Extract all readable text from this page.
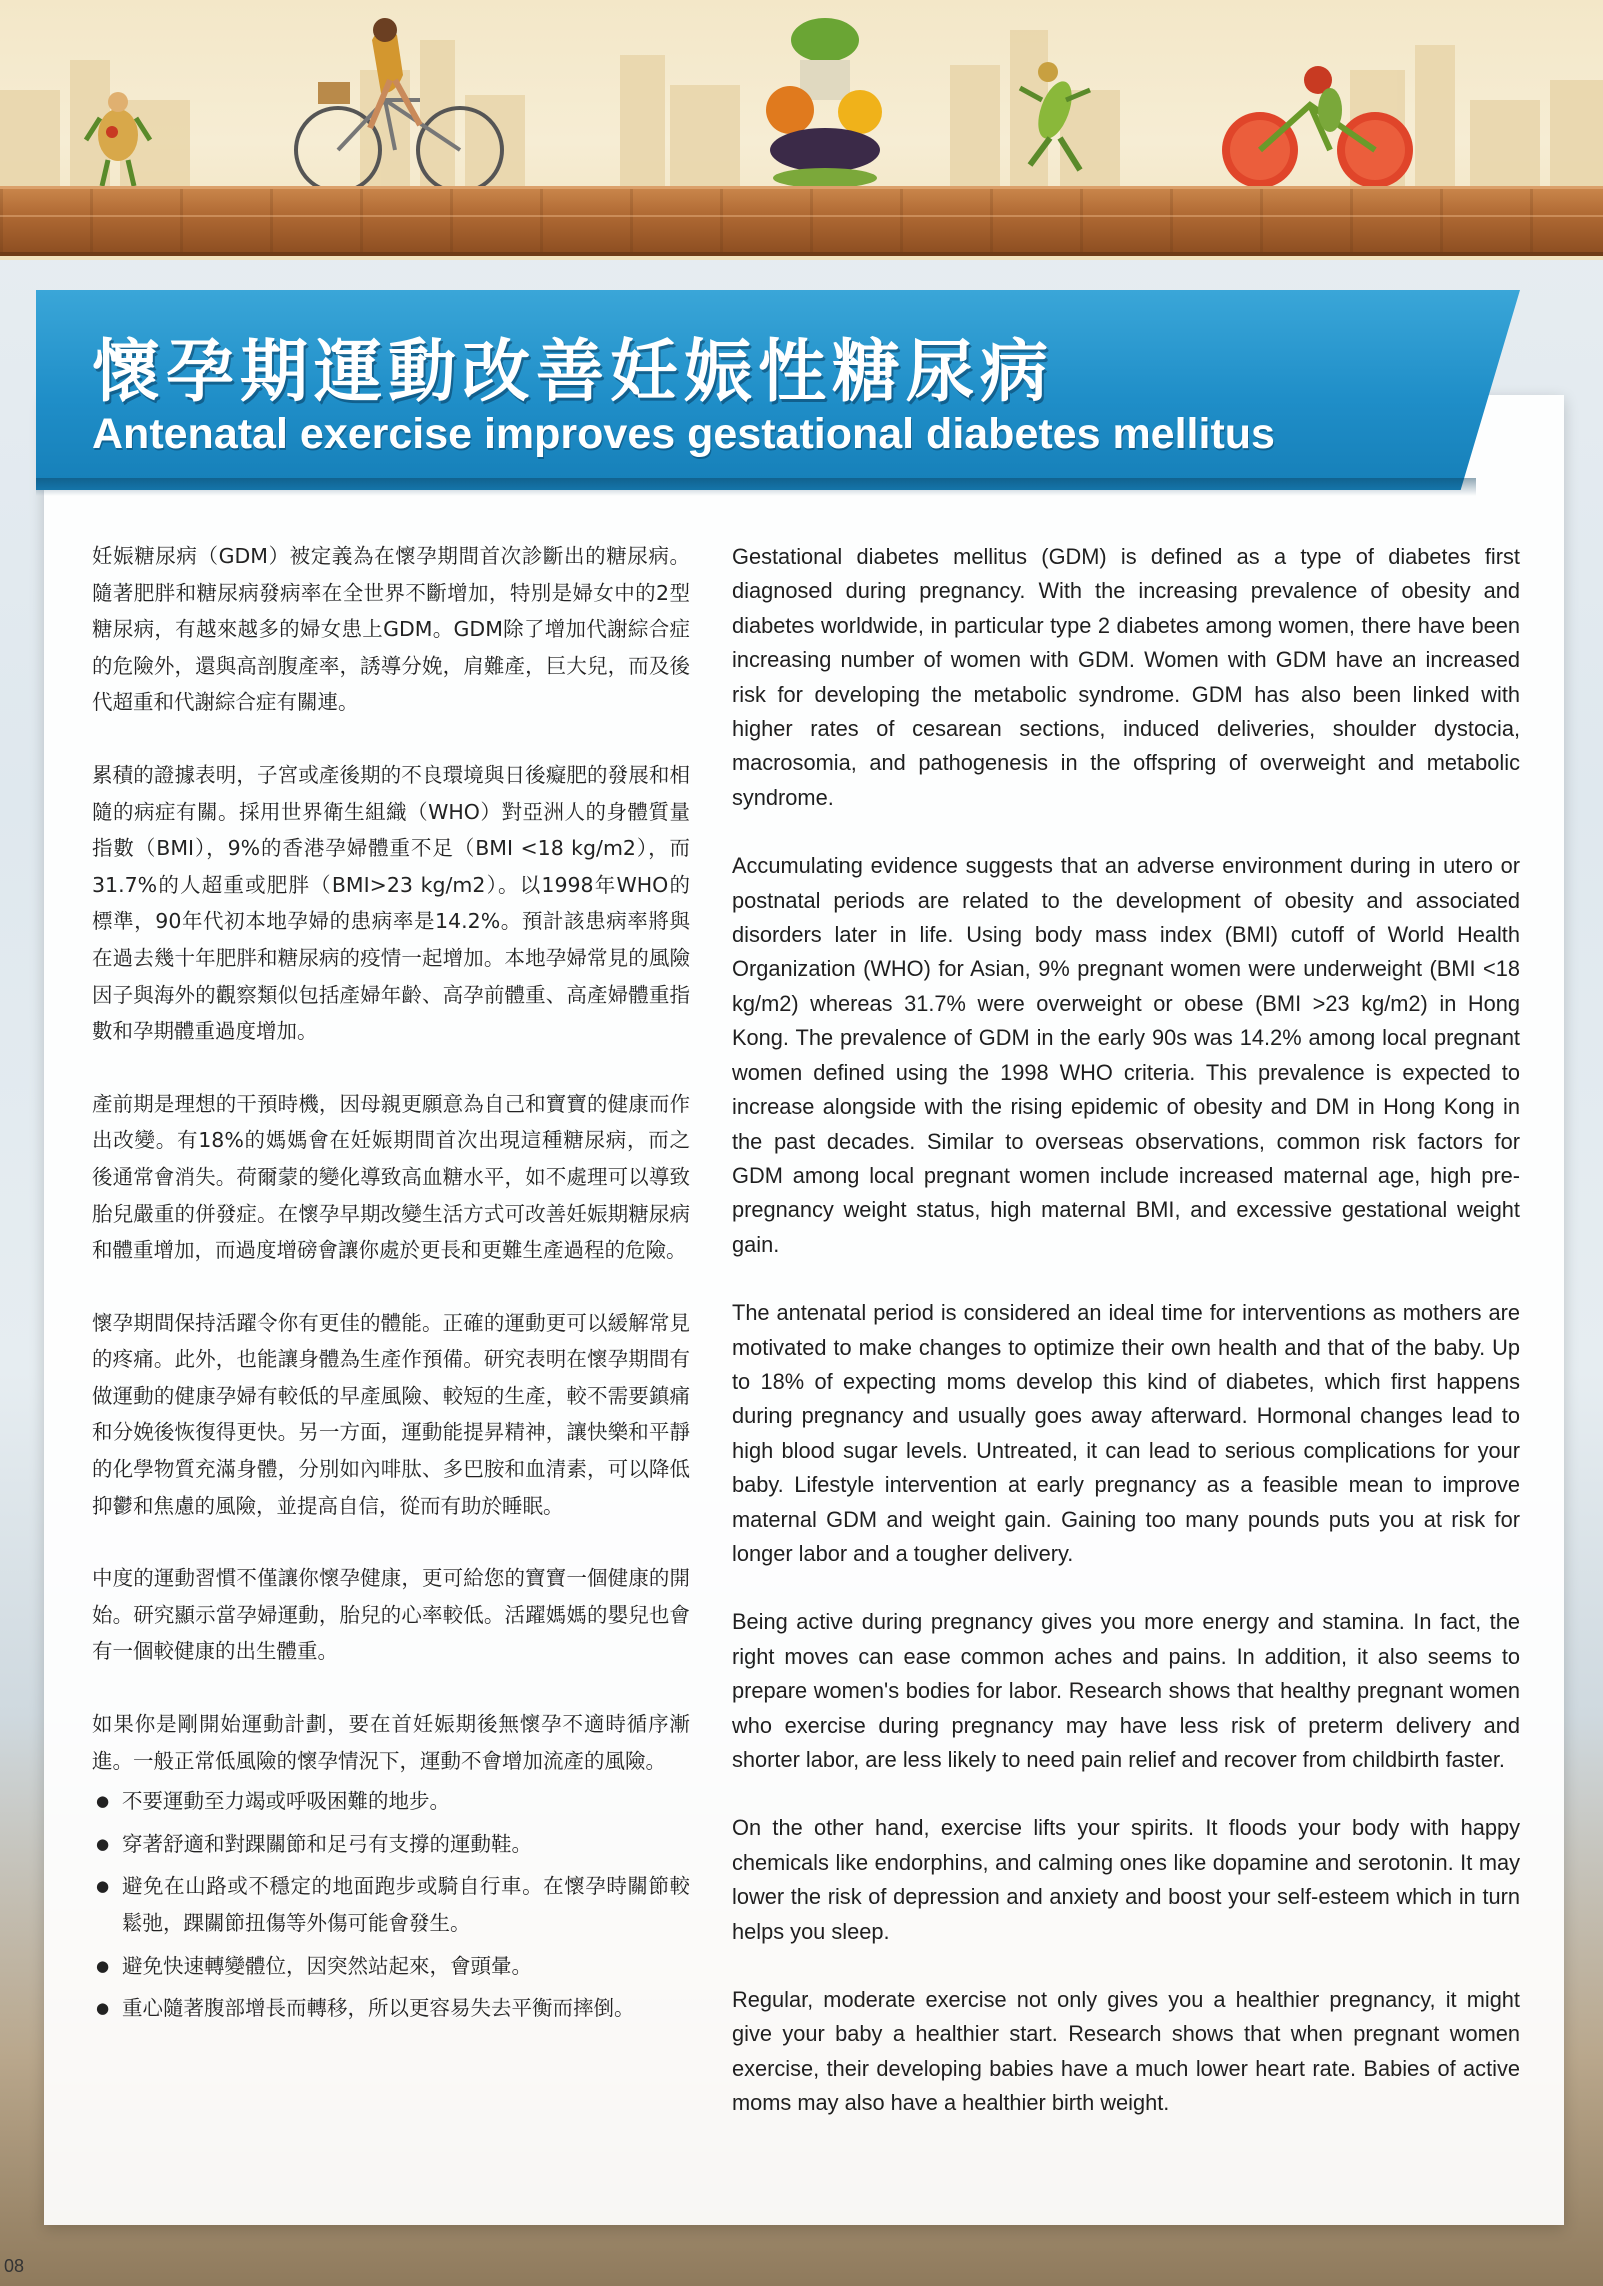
懷孕期運動改善妊娠性糖尿病
Antenatal exercise improves gestational diabetes mellitus

妊娠糖尿病（GDM）被定義為在懷孕期間首次診斷出的糖尿病。隨著肥胖和糖尿病發病率在全世界不斷增加，特別是婦女中的2型糖尿病，有越來越多的婦女患上GDM。GDM除了增加代謝綜合症的危險外，還與高剖腹產率，誘導分娩，肩難產，巨大兒，而及後代超重和代謝綜合症有關連。

累積的證據表明，子宮或產後期的不良環境與日後癡肥的發展和相隨的病症有關。採用世界衛生組織（WHO）對亞洲人的身體質量指數（BMI），9%的香港孕婦體重不足（BMI <18 kg/m2），而31.7%的人超重或肥胖（BMI>23 kg/m2）。以1998年WHO的標準，90年代初本地孕婦的患病率是14.2%。預計該患病率將與在過去幾十年肥胖和糖尿病的疫情一起增加。本地孕婦常見的風險因子與海外的觀察類似包括產婦年齡、高孕前體重、高產婦體重指數和孕期體重過度增加。

產前期是理想的干預時機，因母親更願意為自己和寶寶的健康而作出改變。有18%的媽媽會在妊娠期間首次出現這種糖尿病，而之後通常會消失。荷爾蒙的變化導致高血糖水平，如不處理可以導致胎兒嚴重的併發症。在懷孕早期改變生活方式可改善妊娠期糖尿病和體重增加，而過度增磅會讓你處於更長和更難生產過程的危險。

懷孕期間保持活躍令你有更佳的體能。正確的運動更可以緩解常見的疼痛。此外，也能讓身體為生產作預備。研究表明在懷孕期間有做運動的健康孕婦有較低的早產風險、較短的生產，較不需要鎮痛和分娩後恢復得更快。另一方面，運動能提昇精神，讓快樂和平靜的化學物質充滿身體，分別如內啡肽、多巴胺和血清素，可以降低抑鬱和焦慮的風險，並提高自信，從而有助於睡眠。

中度的運動習慣不僅讓你懷孕健康，更可給您的寶寶一個健康的開始。研究顯示當孕婦運動，胎兒的心率較低。活躍媽媽的嬰兒也會有一個較健康的出生體重。

如果你是剛開始運動計劃，要在首妊娠期後無懷孕不適時循序漸進。一般正常低風險的懷孕情況下，運動不會增加流產的風險。

● 不要運動至力竭或呼吸困難的地步。
● 穿著舒適和對踝關節和足弓有支撐的運動鞋。
● 避免在山路或不穩定的地面跑步或騎自行車。在懷孕時關節較鬆弛，踝關節扭傷等外傷可能會發生。
● 避免快速轉變體位，因突然站起來，會頭暈。
● 重心隨著腹部增長而轉移，所以更容易失去平衡而摔倒。

Gestational diabetes mellitus (GDM) is defined as a type of diabetes first diagnosed during pregnancy. With the increasing prevalence of obesity and diabetes worldwide, in particular type 2 diabetes among women, there have been increasing number of women with GDM. Women with GDM have an increased risk for developing the metabolic syndrome. GDM has also been linked with higher rates of cesarean sections, induced deliveries, shoulder dystocia, macrosomia, and pathogenesis in the offspring of overweight and metabolic syndrome.

Accumulating evidence suggests that an adverse environment during in utero or postnatal periods are related to the development of obesity and associated disorders later in life. Using body mass index (BMI) cutoff of World Health Organization (WHO) for Asian, 9% pregnant women were underweight (BMI <18 kg/m2) whereas 31.7% were overweight or obese (BMI >23 kg/m2) in Hong Kong. The prevalence of GDM in the early 90s was 14.2% among local pregnant women defined using the 1998 WHO criteria. This prevalence is expected to increase alongside with the rising epidemic of obesity and DM in Hong Kong in the past decades. Similar to overseas observations, common risk factors for GDM among local pregnant women include increased maternal age, high pre-pregnancy weight status, high maternal BMI, and excessive gestational weight gain.

The antenatal period is considered an ideal time for interventions as mothers are motivated to make changes to optimize their own health and that of the baby. Up to 18% of expecting moms develop this kind of diabetes, which first happens during pregnancy and usually goes away afterward. Hormonal changes lead to high blood sugar levels. Untreated, it can lead to serious complications for your baby. Lifestyle intervention at early pregnancy as a feasible mean to improve maternal GDM and weight gain. Gaining too many pounds puts you at risk for longer labor and a tougher delivery.

Being active during pregnancy gives you more energy and stamina. In fact, the right moves can ease common aches and pains. In addition, it also seems to prepare women's bodies for labor. Research shows that healthy pregnant women who exercise during pregnancy may have less risk of preterm delivery and shorter labor, are less likely to need pain relief and recover from childbirth faster.

On the other hand, exercise lifts your spirits. It floods your body with happy chemicals like endorphins, and calming ones like dopamine and serotonin. It may lower the risk of depression and anxiety and boost your self-esteem which in turn helps you sleep.

Regular, moderate exercise not only gives you a healthier pregnancy, it might give your baby a healthier start. Research shows that when pregnant women exercise, their developing babies have a much lower heart rate. Babies of active moms may also have a healthier birth weight.

08
